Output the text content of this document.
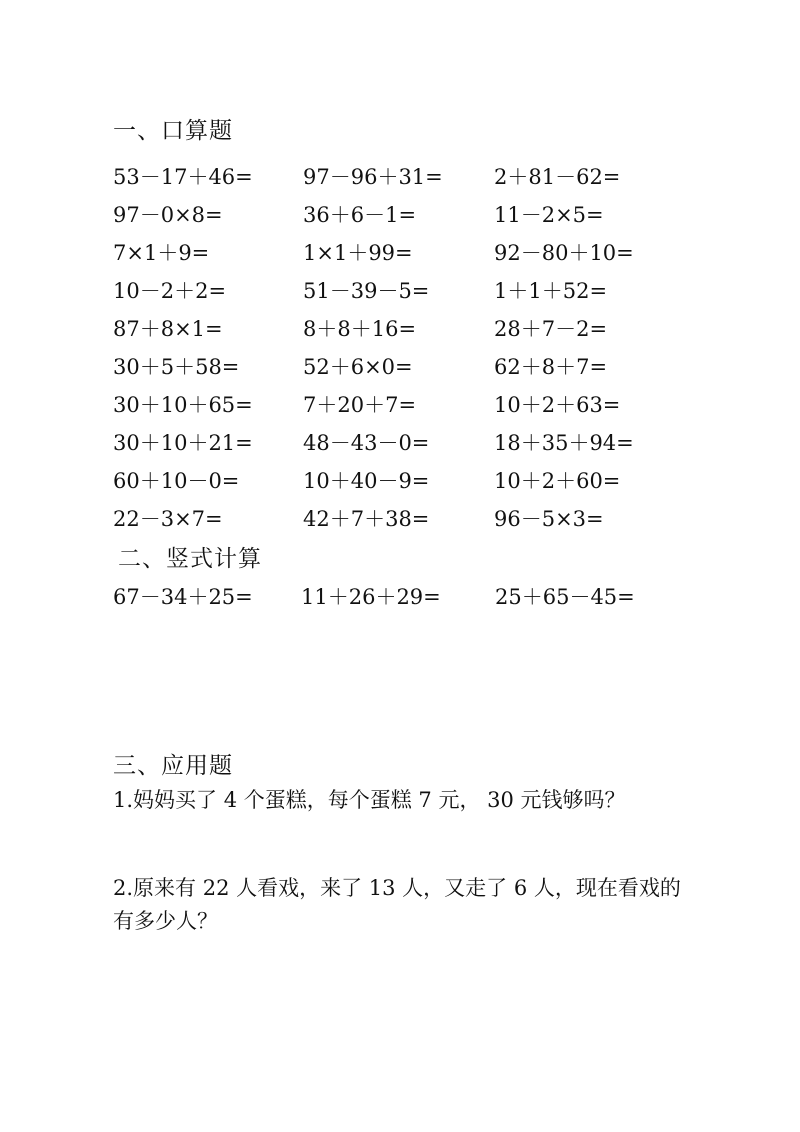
一、口算题
53－17＋46= 97－96＋31= 2＋81－62=
97－0×8=	36＋6－1=	11－2×5=
7×1＋9=	1×1＋99=	92－80＋10=
10－2＋2=	51－39－5=	1＋1＋52=
87＋8×1=	8＋8＋16=	28＋7－2=
30＋5＋58=	52＋6×0=	62＋8＋7=
30＋10＋65= 7＋20＋7=	10＋2＋63=
30＋10＋21= 48－43－0=	18＋35＋94=
60＋10－0=	10＋40－9=	10＋2＋60=
22－3×7=	42＋7＋38=	96－5×3=
二、竖式计算
67－34＋25= 11＋26＋29=	25＋65－45=
三、应用题
1.妈妈买了 4 个蛋糕，每个蛋糕 7 元， 30 元钱够吗？
2.原来有 22 人看戏，来了 13 人，又走了 6 人，现在看戏的有多少人？
